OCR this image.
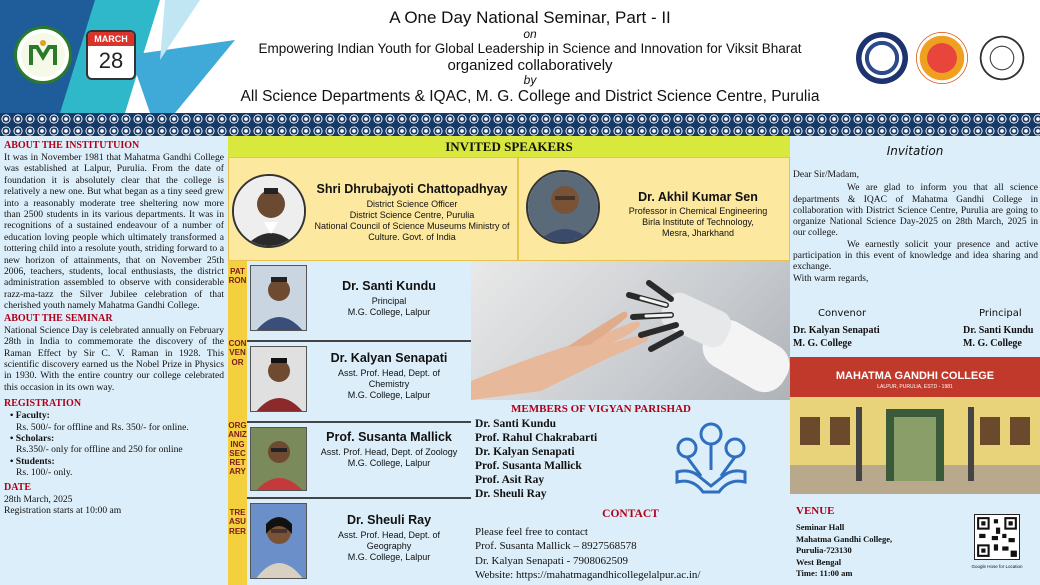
MARCH
28
A One Day National Seminar, Part - II
on
Empowering Indian Youth for Global Leadership in Science and Innovation for Viksit Bharat
organized collaboratively
by
All Science Departments & IQAC, M. G. College and District Science Centre, Purulia
ABOUT THE INSTITUTUION

It was in November 1981 that Mahatma Gandhi College was established at Lalpur, Purulia. From the date of foundation it is absolutely clear that the college is relatively a new one. But what began as a tiny seed grew into a reasonably moderate tree sheltering now more than 2500 students in its various departments. It was in recognitions of a sustained endeavour of a number of education loving people which ultimately transformed a tottering child into a resolute youth, striding forward to a new horizon of attainments, that on November 25th 2006, teachers, students, local enthusiasts, the district administration assembled to observe with considerable razz-ma-tazz the Silver Jubilee celebration of that cherished youth namely Mahatma Gandhi College.

ABOUT THE SEMINAR

National Science Day is celebrated annually on February 28th in India to commemorate the discovery of the Raman Effect by Sir C. V. Raman in 1928. This scientific discovery earned us the Nobel Prize in Physics in 1930. With the entire country our college celebrated this occasion in its own way.

REGISTRATION
• Faculty:
Rs. 500/- for offline and Rs. 350/- for online.
• Scholars:
Rs.350/- only for offline and 250 for online
• Students:
Rs. 100/- only.
DATE
28th March, 2025
Registration starts at 10:00 am
INVITED SPEAKERS
Shri Dhrubajyoti Chattopadhyay
District Science Officer
District Science Centre, Purulia
National Council of Science Museums Ministry of
Culture. Govt. of India
Dr. Akhil Kumar Sen
Professor in Chemical Engineering
Birla Institute of Technology,
Mesra, Jharkhand
PATRON
CONVENOR
ORGANIZING SECRETARY
TREASURER
Dr. Santi Kundu
Principal
M.G. College, Lalpur
Dr. Kalyan Senapati
Asst. Prof. Head, Dept. of
Chemistry
M.G. College, Lalpur
Prof. Susanta Mallick
Asst. Prof. Head, Dept. of Zoology
M.G. College, Lalpur
Dr. Sheuli Ray
Asst. Prof. Head, Dept. of
Geography
M.G. College, Lalpur
MEMBERS OF VIGYAN PARISHAD
Dr. Santi Kundu
Prof. Rahul Chakrabarti
Dr. Kalyan Senapati
Prof. Susanta Mallick
Prof. Asit Ray
Dr. Sheuli Ray
CONTACT
Please feel free to contact
Prof. Susanta Mallick – 8927568578
Dr. Kalyan Senapati - 7908062509
Website: https://mahatmagandhicollegelalpur.ac.in/
Invitation
Dear Sir/Madam,
We are glad to inform you that all science departments & IQAC of Mahatma Gandhi College in collaboration with District Science Centre, Purulia are going to organize National Science Day-2025 on 28th March, 2025 in our college.
We earnestly solicit your presence and active participation in this event of knowledge and idea sharing and exchange.
With warm regards,
Convenor
Dr. Kalyan Senapati
M. G. College
Principal
Dr. Santi Kundu
M. G. College
MAHATMA GANDHI COLLEGE
LALPUR, PURULIA, ESTD - 1981
VENUE
Seminar Hall
Mahatma Gandhi College,
Purulia-723130
West Bengal
Time: 11:00 am
Google Hose for Location
